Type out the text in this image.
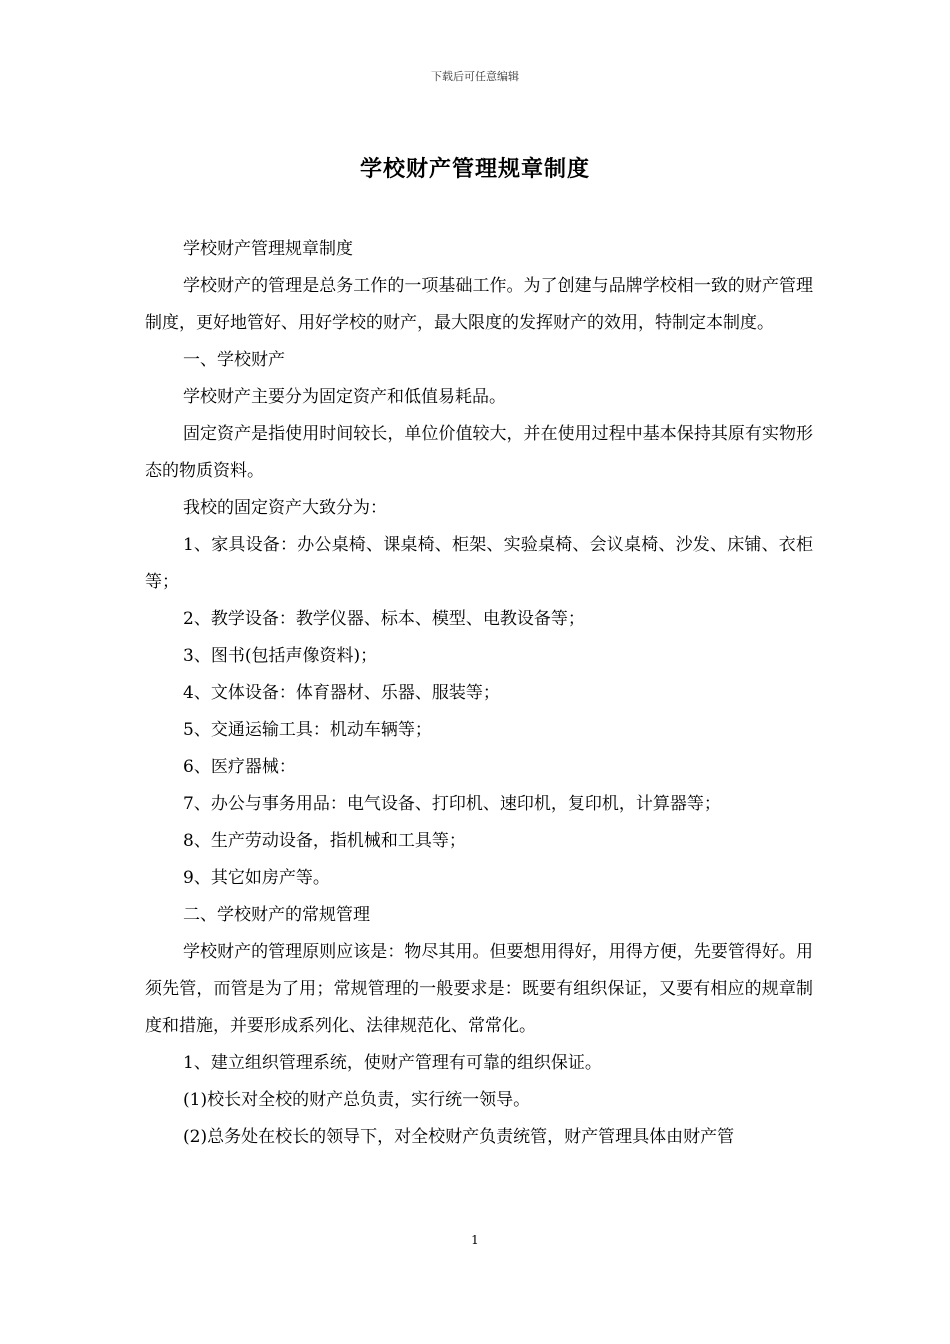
下载后可任意编辑
学校财产管理规章制度

学校财产管理规章制度

学校财产的管理是总务工作的一项基础工作。为了创建与品牌学校相一致的财产管理制度，更好地管好、用好学校的财产，最大限度的发挥财产的效用，特制定本制度。

一、学校财产

学校财产主要分为固定资产和低值易耗品。

固定资产是指使用时间较长，单位价值较大，并在使用过程中基本保持其原有实物形态的物质资料。

我校的固定资产大致分为：

1、家具设备：办公桌椅、课桌椅、柜架、实验桌椅、会议桌椅、沙发、床铺、衣柜等；

2、教学设备：教学仪器、标本、模型、电教设备等；

3、图书(包括声像资料)；

4、文体设备：体育器材、乐器、服装等；

5、交通运输工具：机动车辆等；

6、医疗器械：

7、办公与事务用品：电气设备、打印机、速印机，复印机，计算器等；

8、生产劳动设备，指机械和工具等；

9、其它如房产等。

二、学校财产的常规管理

学校财产的管理原则应该是：物尽其用。但要想用得好，用得方便，先要管得好。用须先管，而管是为了用；常规管理的一般要求是：既要有组织保证，又要有相应的规章制度和措施，并要形成系列化、法律规范化、常常化。

1、建立组织管理系统，使财产管理有可靠的组织保证。

(1)校长对全校的财产总负责，实行统一领导。

(2)总务处在校长的领导下，对全校财产负责统管，财产管理具体由财产管

1
